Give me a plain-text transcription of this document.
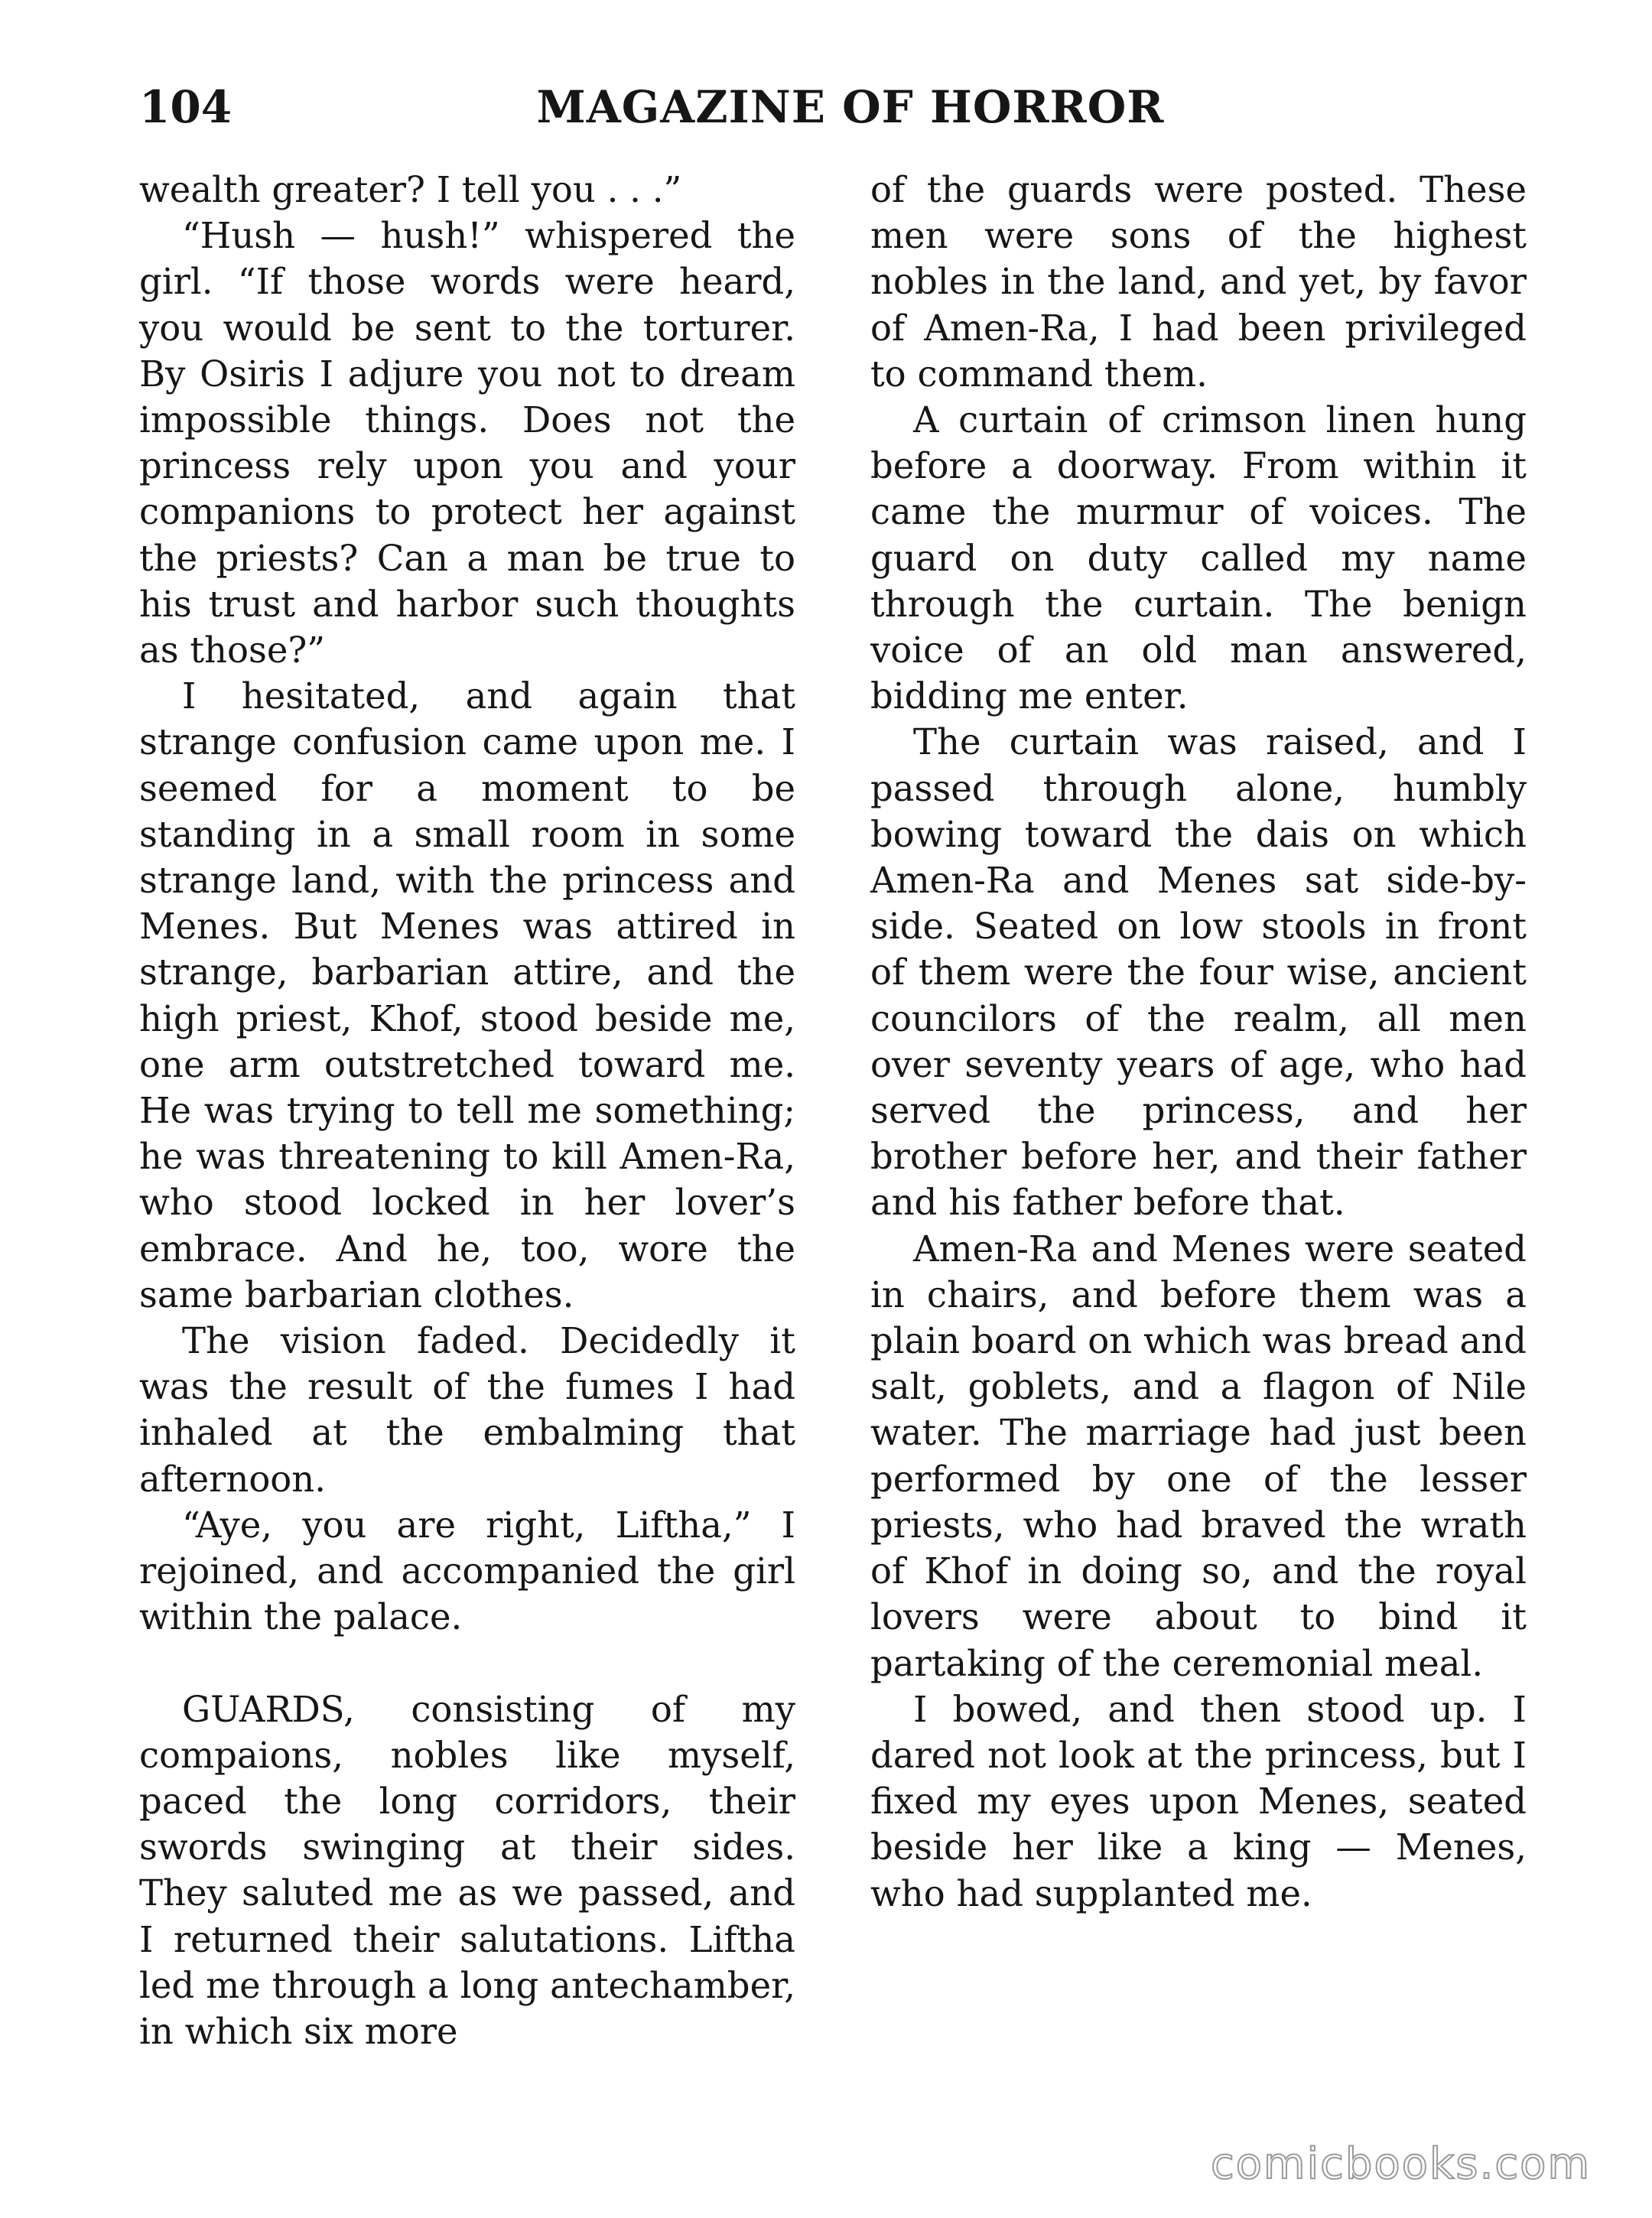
104	MAGAZINE OF HORROR

wealth greater? I tell you . . .”

“Hush — hush!” whispered the girl. “If those words were heard, you would be sent to the torturer. By Osiris I adjure you not to dream impossible things. Does not the princess rely upon you and your companions to protect her against the priests? Can a man be true to his trust and harbor such thoughts as those?”

I hesitated, and again that strange confusion came upon me. I seemed for a moment to be standing in a small room in some strange land, with the princess and Menes. But Menes was attired in strange, barbarian attire, and the high priest, Khof, stood beside me, one arm outstretched toward me. He was trying to tell me something; he was threatening to kill Amen-Ra, who stood locked in her lover’s embrace. And he, too, wore the same barbarian clothes.

The vision faded. Decidedly it was the result of the fumes I had inhaled at the embalming that afternoon.

“Aye, you are right, Liftha,” I rejoined, and accompanied the girl within the palace.

GUARDS, consisting of my compaions, nobles like myself, paced the long corridors, their swords swinging at their sides. They saluted me as we passed, and I returned their salutations. Liftha led me through a long antechamber, in which six more

of the guards were posted. These men were sons of the highest nobles in the land, and yet, by favor of Amen-Ra, I had been privileged to command them.

A curtain of crimson linen hung before a doorway. From within it came the murmur of voices. The guard on duty called my name through the curtain. The benign voice of an old man answered, bidding me enter.

The curtain was raised, and I passed through alone, humbly bowing toward the dais on which Amen-Ra and Menes sat side-by-side. Seated on low stools in front of them were the four wise, ancient councilors of the realm, all men over seventy years of age, who had served the princess, and her brother before her, and their father and his father before that.

Amen-Ra and Menes were seated in chairs, and before them was a plain board on which was bread and salt, goblets, and a flagon of Nile water. The marriage had just been performed by one of the lesser priests, who had braved the wrath of Khof in doing so, and the royal lovers were about to bind it partaking of the ceremonial meal.

I bowed, and then stood up. I dared not look at the princess, but I fixed my eyes upon Menes, seated beside her like a king — Menes, who had supplanted me.

comicbooks.com
